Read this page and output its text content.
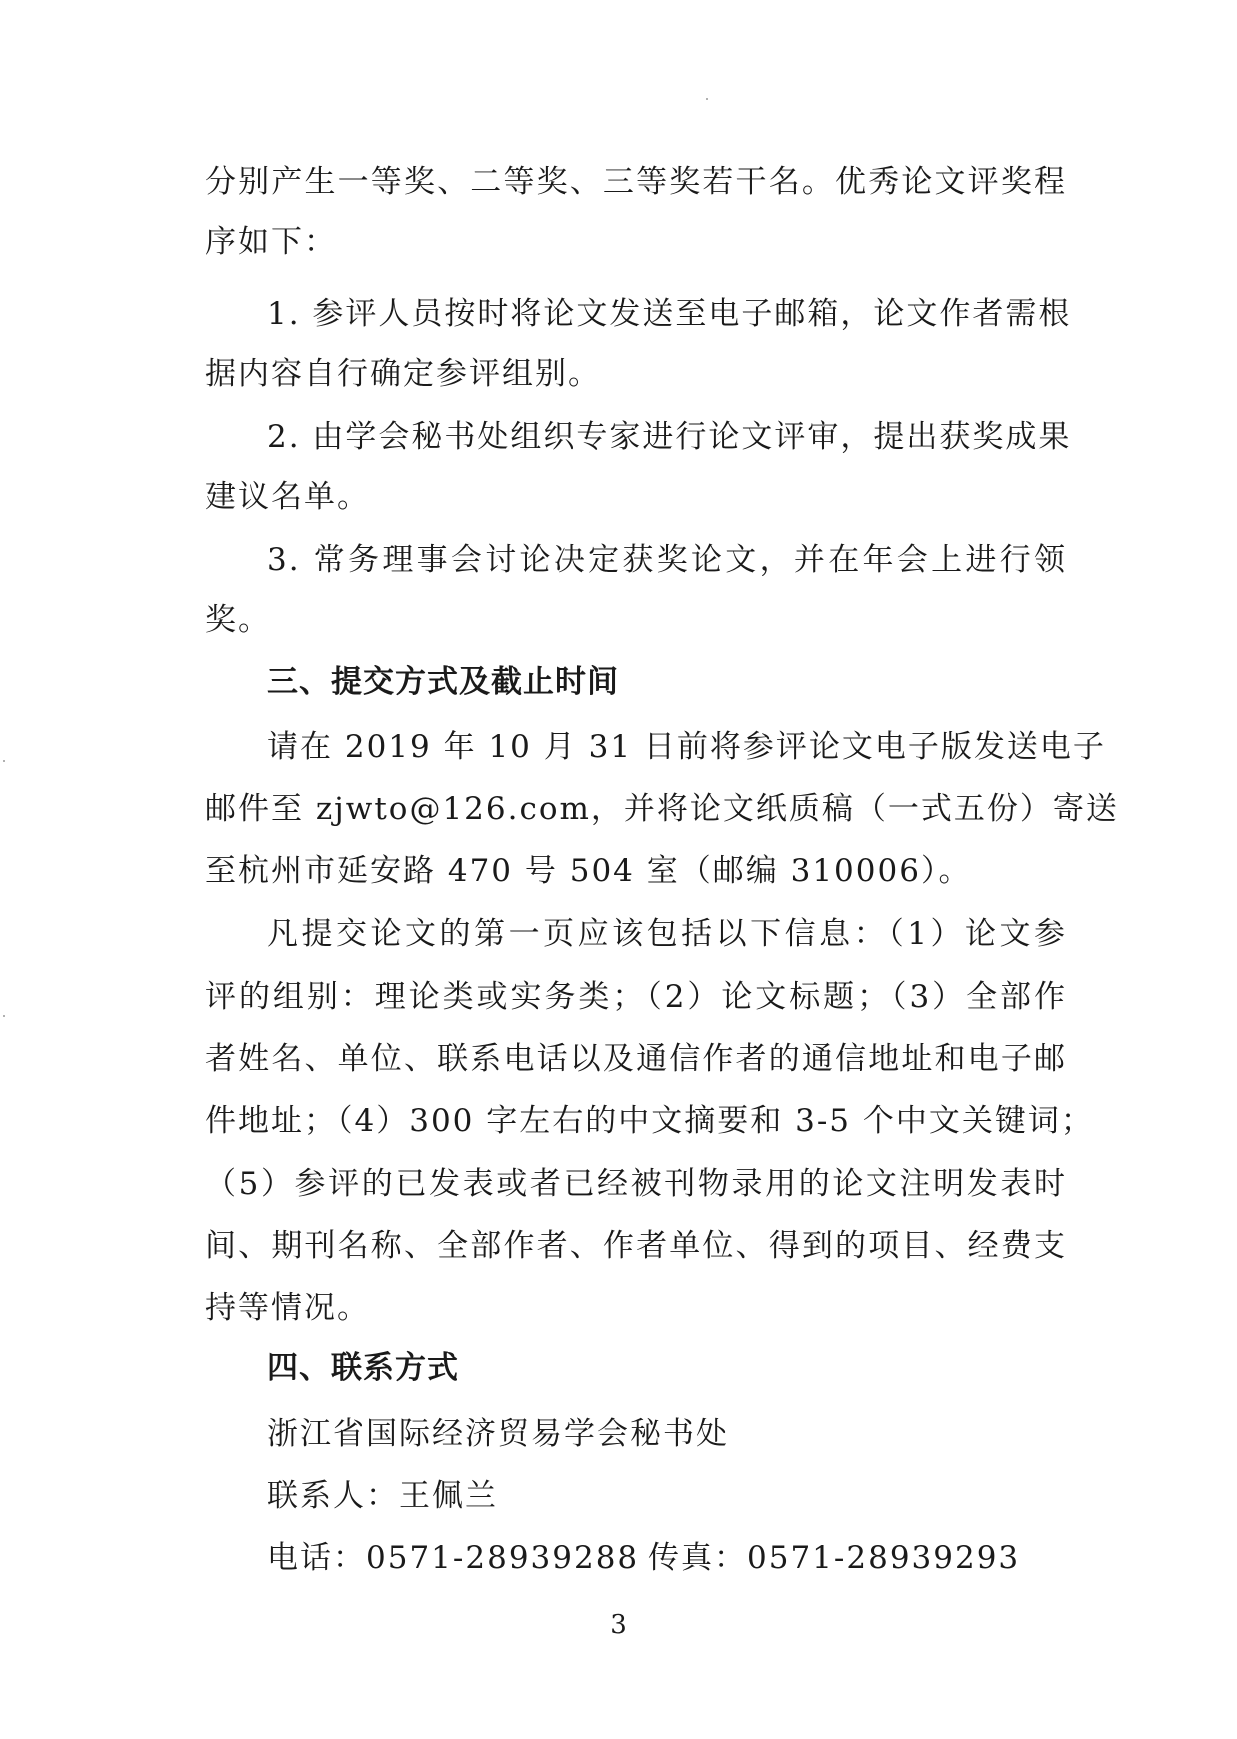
分别产生一等奖、二等奖、三等奖若干名。优秀论文评奖程
序如下：
1. 参评人员按时将论文发送至电子邮箱，论文作者需根
据内容自行确定参评组别。
2. 由学会秘书处组织专家进行论文评审，提出获奖成果
建议名单。
3. 常务理事会讨论决定获奖论文，并在年会上进行领
奖。
三、提交方式及截止时间
请在 2019 年 10 月 31 日前将参评论文电子版发送电子
邮件至 zjwto@126.com，并将论文纸质稿（一式五份）寄送
至杭州市延安路 470 号 504 室（邮编 310006）。
凡提交论文的第一页应该包括以下信息：（1）论文参
评的组别：理论类或实务类；（2）论文标题；（3）全部作
者姓名、单位、联系电话以及通信作者的通信地址和电子邮
件地址；（4）300 字左右的中文摘要和 3-5 个中文关键词；
（5）参评的已发表或者已经被刊物录用的论文注明发表时
间、期刊名称、全部作者、作者单位、得到的项目、经费支
持等情况。
四、联系方式
浙江省国际经济贸易学会秘书处
联系人：王佩兰
电话：0571-28939288 传真：0571-28939293
3
